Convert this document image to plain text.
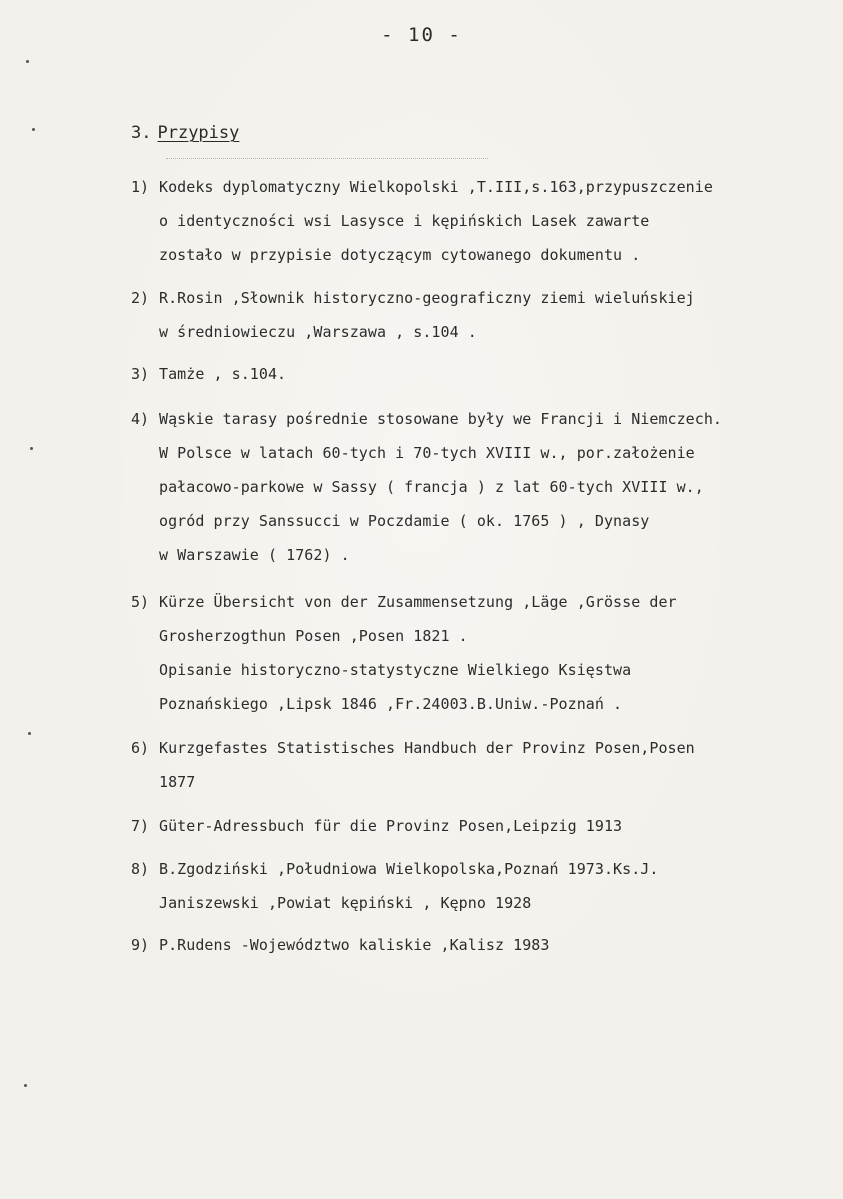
- 10 -
3. Przypisy
1) Kodeks dyplomatyczny Wielkopolski ,T.III,s.163,przypuszczenie
o identyczności wsi Lasysce i kępińskich Lasek zawarte
zostało w przypisie dotyczącym cytowanego dokumentu .
2) R.Rosin ,Słownik historyczno-geograficzny ziemi wieluńskiej
w średniowieczu ,Warszawa , s.104 .
3) Tamże , s.104.
4) Wąskie tarasy pośrednie stosowane były we Francji i Niemczech.
W Polsce w latach 60-tych i 70-tych XVIII w., por.założenie
pałacowo-parkowe w Sassy ( francja ) z lat 60-tych XVIII w.,
ogród przy Sanssucci w Poczdamie ( ok. 1765 ) , Dynasy
w Warszawie ( 1762) .
5) Kürze Übersicht von der Zusammensetzung ,Läge ,Grösse der
Grosherzogthun Posen ,Posen 1821 .
Opisanie historyczno-statystyczne Wielkiego Księstwa
Poznańskiego ,Lipsk 1846 ,Fr.24003.B.Uniw.-Poznań .
6) Kurzgefastes Statistisches Handbuch der Provinz Posen,Posen
1877
7) Güter-Adressbuch für die Provinz Posen,Leipzig 1913
8) B.Zgodziński ,Południowa Wielkopolska,Poznań 1973.Ks.J.
Janiszewski ,Powiat kępiński , Kępno 1928
9) P.Rudens -Województwo kaliskie ,Kalisz 1983
